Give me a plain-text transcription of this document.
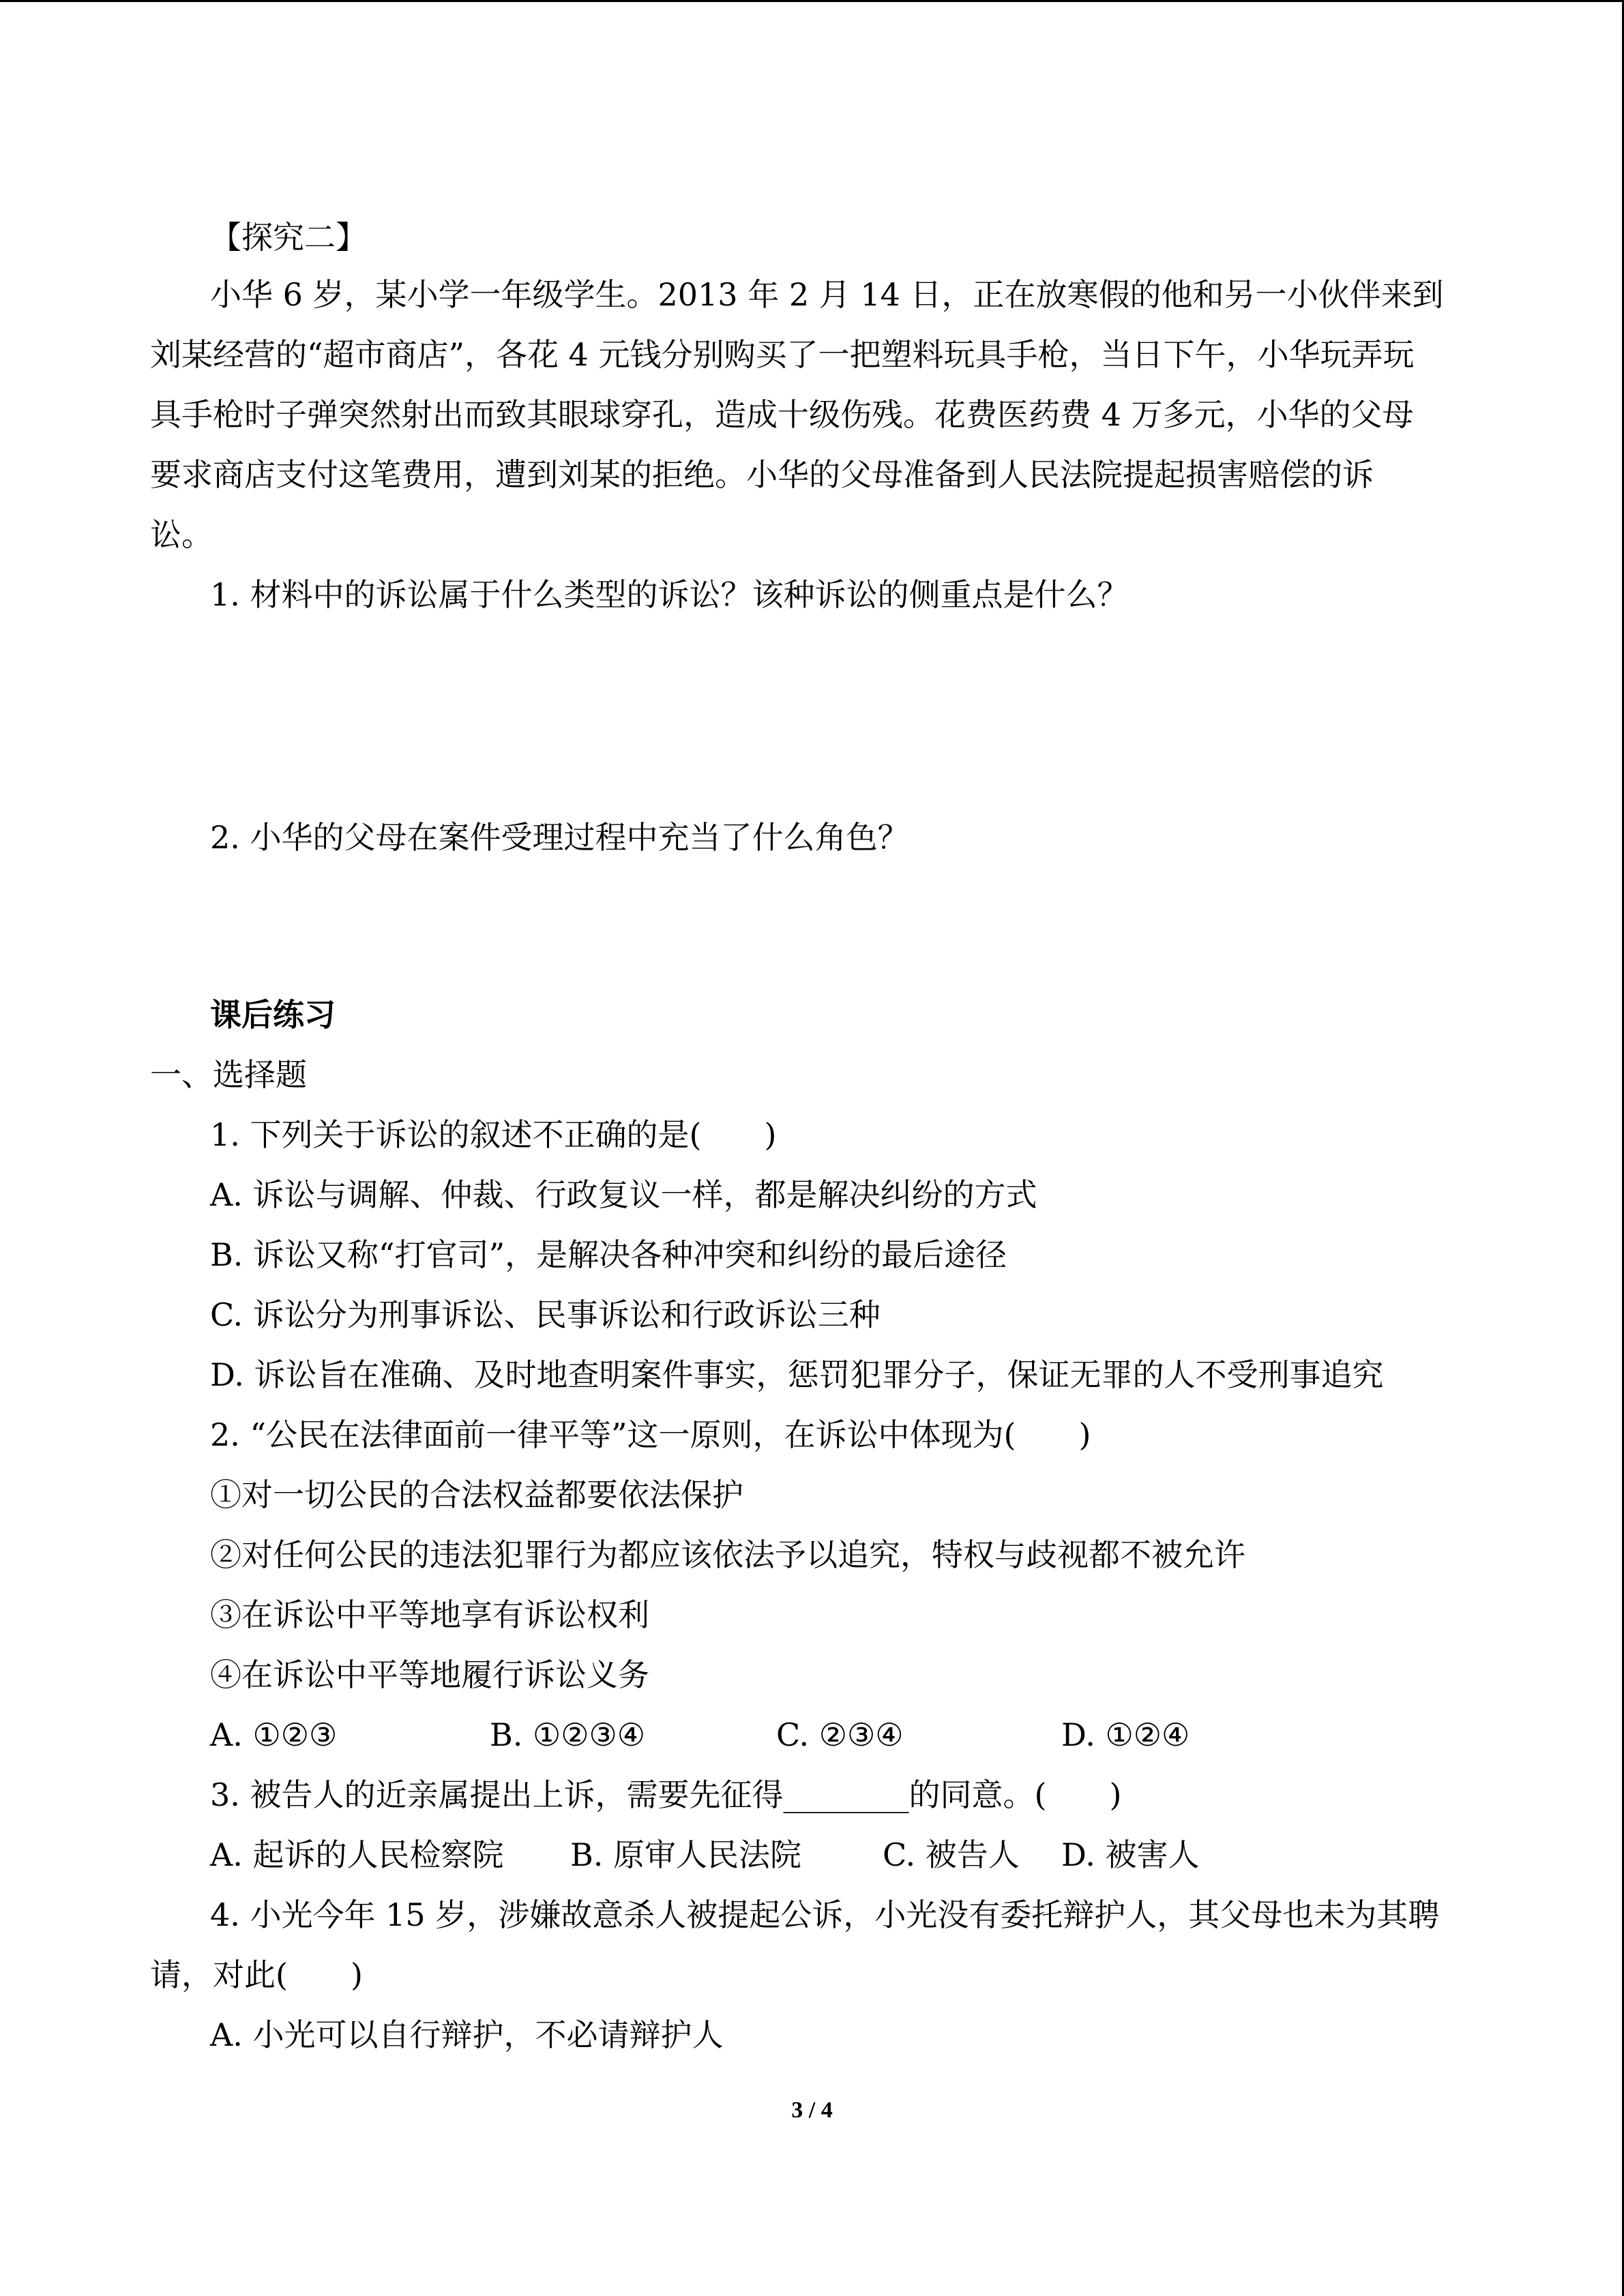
【探究二】
小华 6 岁，某小学一年级学生。2013 年 2 月 14 日，正在放寒假的他和另一小伙伴来到
刘某经营的“超市商店”，各花 4 元钱分别购买了一把塑料玩具手枪，当日下午，小华玩弄玩
具手枪时子弹突然射出而致其眼球穿孔，造成十级伤残。花费医药费 4 万多元，小华的父母
要求商店支付这笔费用，遭到刘某的拒绝。小华的父母准备到人民法院提起损害赔偿的诉
讼。
1. 材料中的诉讼属于什么类型的诉讼？该种诉讼的侧重点是什么？
2. 小华的父母在案件受理过程中充当了什么角色？
课后练习
一、选择题
1. 下列关于诉讼的叙述不正确的是(　　)
A. 诉讼与调解、仲裁、行政复议一样，都是解决纠纷的方式
B. 诉讼又称“打官司”，是解决各种冲突和纠纷的最后途径
C. 诉讼分为刑事诉讼、民事诉讼和行政诉讼三种
D. 诉讼旨在准确、及时地查明案件事实，惩罚犯罪分子，保证无罪的人不受刑事追究
2. “公民在法律面前一律平等”这一原则，在诉讼中体现为(　　)
①对一切公民的合法权益都要依法保护
②对任何公民的违法犯罪行为都应该依法予以追究，特权与歧视都不被允许
③在诉讼中平等地享有诉讼权利
④在诉讼中平等地履行诉讼义务
A. ①②③	B. ①②③④	C. ②③④	D. ①②④
3. 被告人的近亲属提出上诉，需要先征得________的同意。(　　)
A. 起诉的人民检察院 B. 原审人民法院	C. 被告人 D. 被害人
4. 小光今年 15 岁，涉嫌故意杀人被提起公诉，小光没有委托辩护人，其父母也未为其聘
请，对此(　　)
A. 小光可以自行辩护，不必请辩护人
3 / 4
